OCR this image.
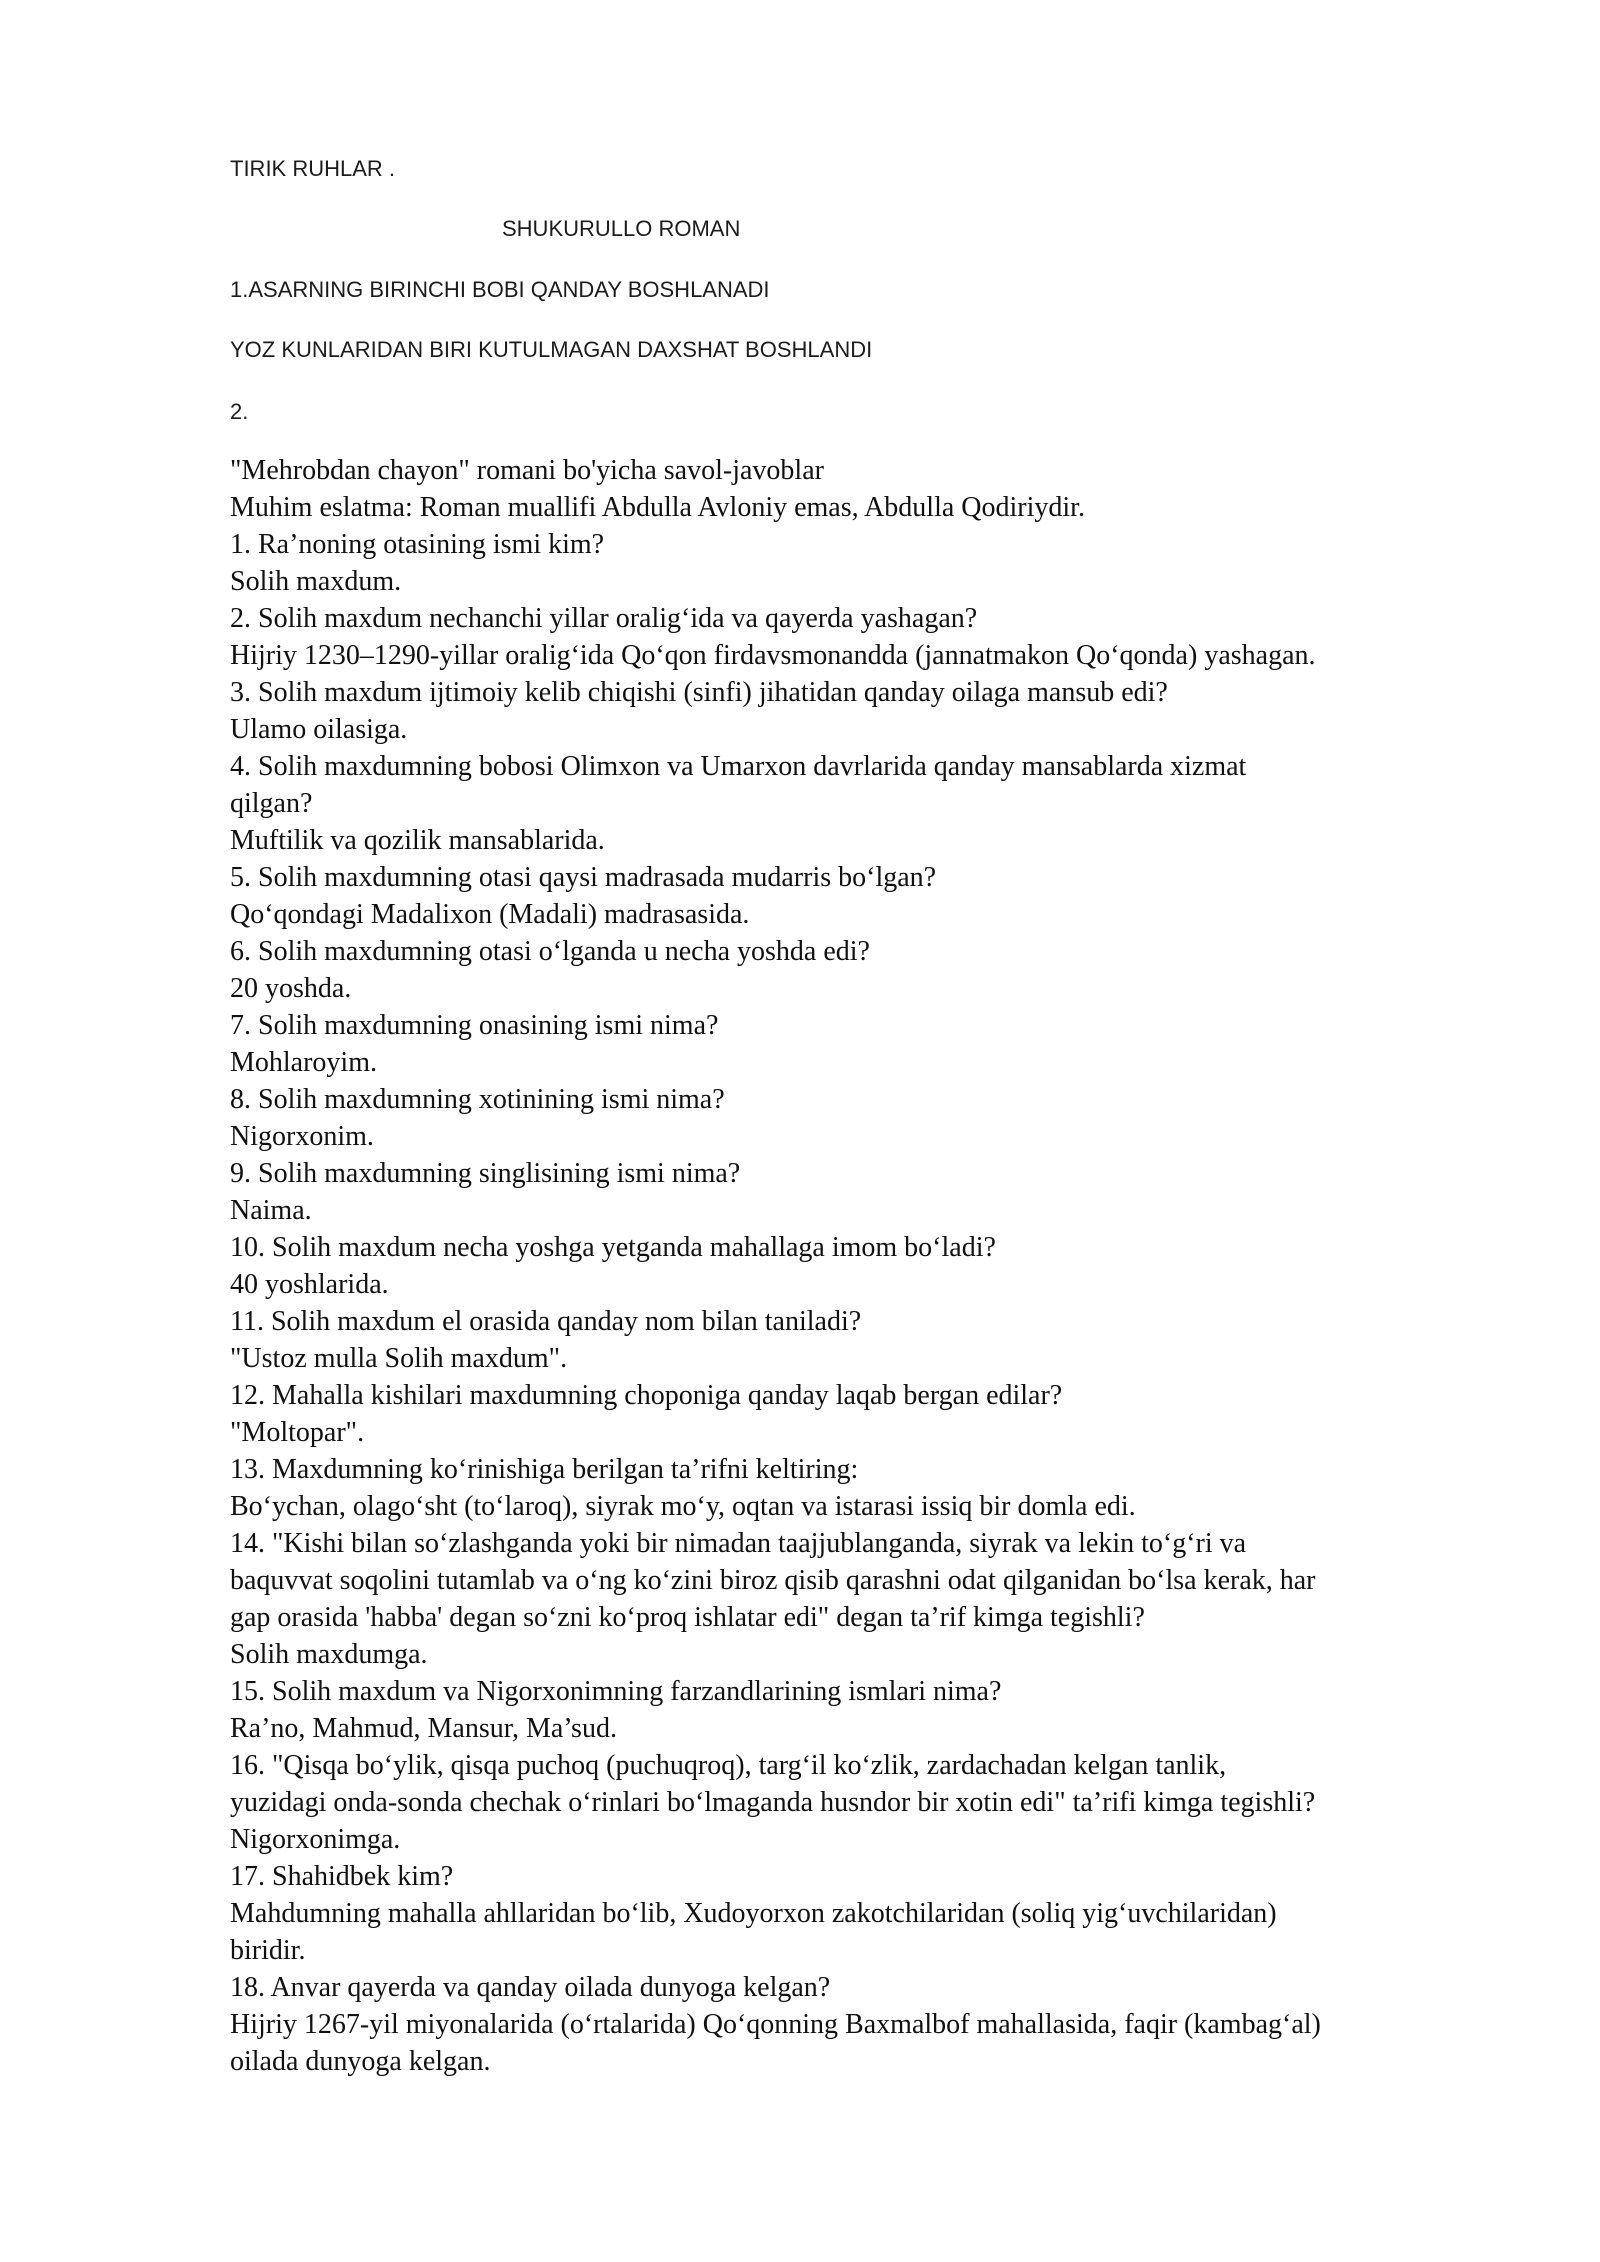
TIRIK RUHLAR .
SHUKURULLO ROMAN
1.ASARNING BIRINCHI BOBI QANDAY BOSHLANADI
YOZ KUNLARIDAN BIRI KUTULMAGAN DAXSHAT BOSHLANDI
2.
"Mehrobdan chayon" romani bo'yicha savol-javoblar
Muhim eslatma: Roman muallifi Abdulla Avloniy emas, Abdulla Qodiriydir.
1. Ra’noning otasining ismi kim?
Solih maxdum.
2. Solih maxdum nechanchi yillar oralig‘ida va qayerda yashagan?
Hijriy 1230–1290-yillar oralig‘ida Qo‘qon firdavsmonandda (jannatmakon Qo‘qonda) yashagan.
3. Solih maxdum ijtimoiy kelib chiqishi (sinfi) jihatidan qanday oilaga mansub edi?
Ulamo oilasiga.
4. Solih maxdumning bobosi Olimxon va Umarxon davrlarida qanday mansablarda xizmat
qilgan?
Muftilik va qozilik mansablarida.
5. Solih maxdumning otasi qaysi madrasada mudarris bo‘lgan?
Qo‘qondagi Madalixon (Madali) madrasasida.
6. Solih maxdumning otasi o‘lganda u necha yoshda edi?
20 yoshda.
7. Solih maxdumning onasining ismi nima?
Mohlaroyim.
8. Solih maxdumning xotinining ismi nima?
Nigorxonim.
9. Solih maxdumning singlisining ismi nima?
Naima.
10. Solih maxdum necha yoshga yetganda mahallaga imom bo‘ladi?
40 yoshlarida.
11. Solih maxdum el orasida qanday nom bilan taniladi?
"Ustoz mulla Solih maxdum".
12. Mahalla kishilari maxdumning choponiga qanday laqab bergan edilar?
"Moltopar".
13. Maxdumning ko‘rinishiga berilgan ta’rifni keltiring:
Bo‘ychan, olago‘sht (to‘laroq), siyrak mo‘y, oqtan va istarasi issiq bir domla edi.
14. "Kishi bilan so‘zlashganda yoki bir nimadan taajjublanganda, siyrak va lekin to‘g‘ri va
baquvvat soqolini tutamlab va o‘ng ko‘zini biroz qisib qarashni odat qilganidan bo‘lsa kerak, har
gap orasida 'habba' degan so‘zni ko‘proq ishlatar edi" degan ta’rif kimga tegishli?
Solih maxdumga.
15. Solih maxdum va Nigorxonimning farzandlarining ismlari nima?
Ra’no, Mahmud, Mansur, Ma’sud.
16. "Qisqa bo‘ylik, qisqa puchoq (puchuqroq), targ‘il ko‘zlik, zardachadan kelgan tanlik,
yuzidagi onda-sonda chechak o‘rinlari bo‘lmaganda husndor bir xotin edi" ta’rifi kimga tegishli?
Nigorxonimga.
17. Shahidbek kim?
Mahdumning mahalla ahllaridan bo‘lib, Xudoyorxon zakotchilaridan (soliq yig‘uvchilaridan)
biridir.
18. Anvar qayerda va qanday oilada dunyoga kelgan?
Hijriy 1267-yil miyonalarida (o‘rtalarida) Qo‘qonning Baxmalbof mahallasida, faqir (kambag‘al)
oilada dunyoga kelgan.
